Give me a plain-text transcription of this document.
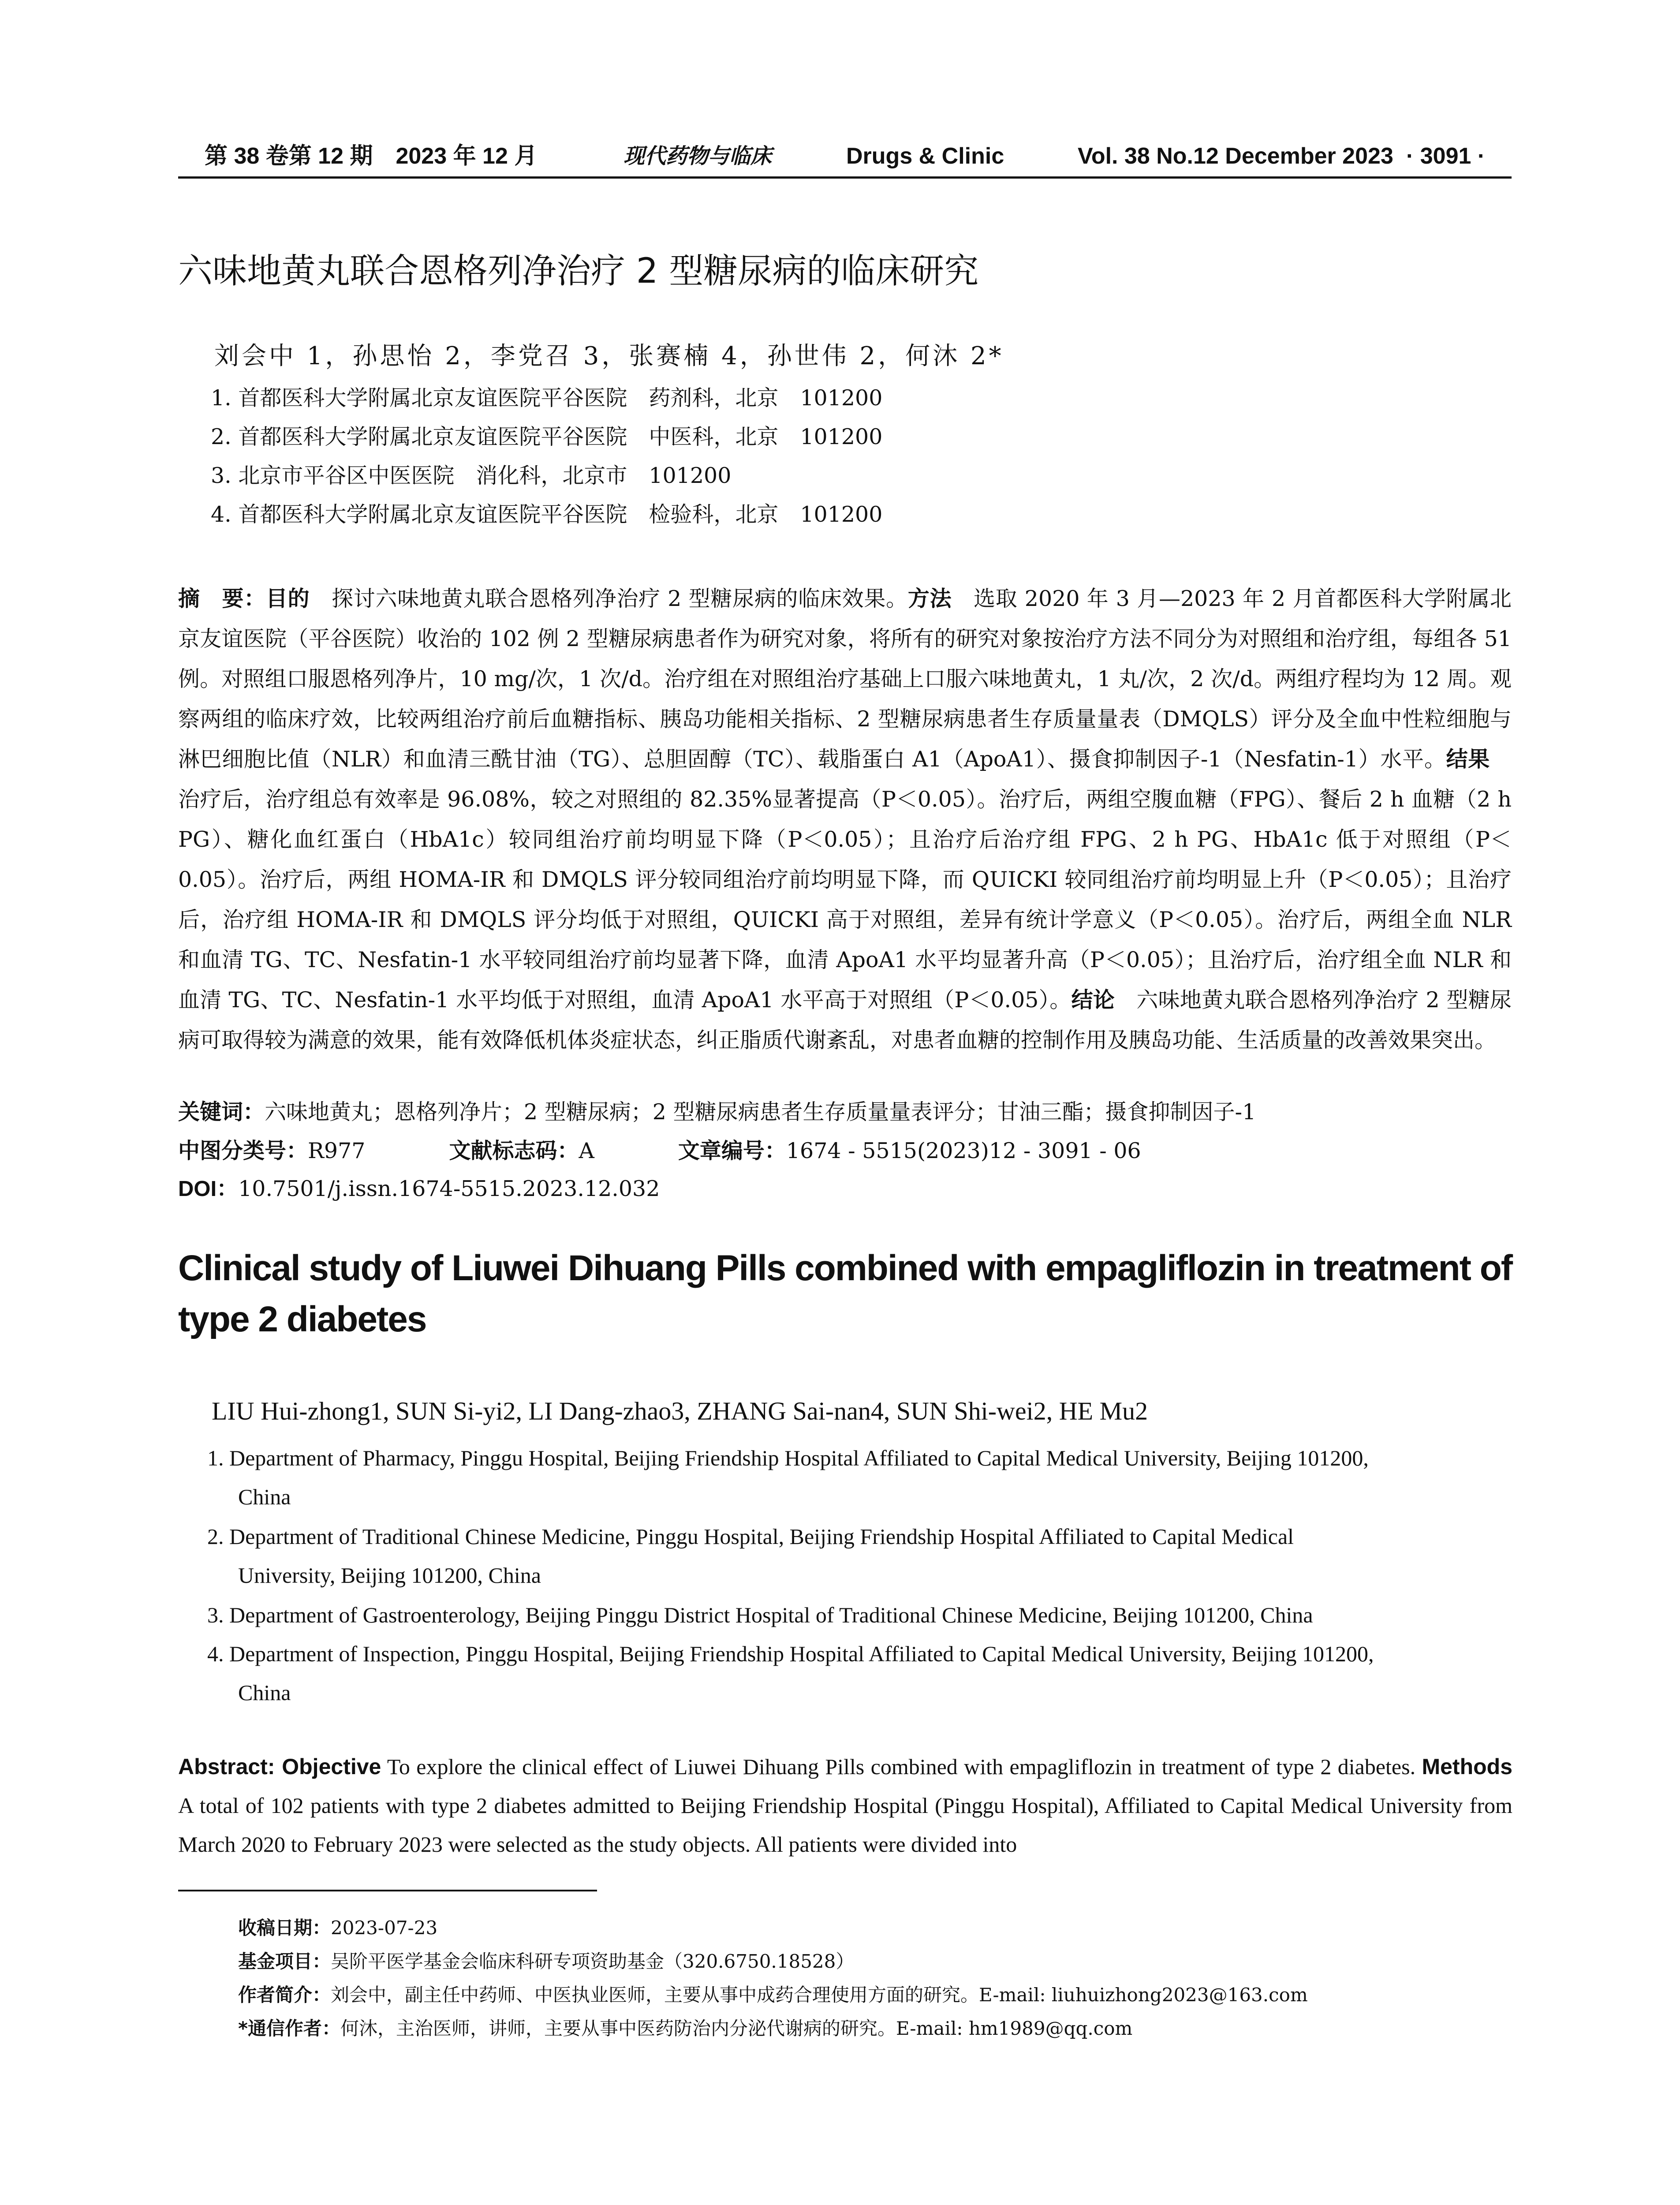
第 38 卷第 12 期　2023 年 12 月	现代药物与临床	Drugs & Clinic	Vol. 38 No.12 December 2023 · 3091 ·
六味地黄丸联合恩格列净治疗 2 型糖尿病的临床研究
刘会中 1，孙思怡 2，李党召 3，张赛楠 4，孙世伟 2，何沐 2*
1. 首都医科大学附属北京友谊医院平谷医院　药剂科，北京　101200
2. 首都医科大学附属北京友谊医院平谷医院　中医科，北京　101200
3. 北京市平谷区中医医院　消化科，北京市　101200
4. 首都医科大学附属北京友谊医院平谷医院　检验科，北京　101200
摘　要：目的　探讨六味地黄丸联合恩格列净治疗 2 型糖尿病的临床效果。方法　选取 2020 年 3 月—2023 年 2 月首都医科大学附属北京友谊医院（平谷医院）收治的 102 例 2 型糖尿病患者作为研究对象，将所有的研究对象按治疗方法不同分为对照组和治疗组，每组各 51 例。对照组口服恩格列净片，10 mg/次，1 次/d。治疗组在对照组治疗基础上口服六味地黄丸，1 丸/次，2 次/d。两组疗程均为 12 周。观察两组的临床疗效，比较两组治疗前后血糖指标、胰岛功能相关指标、2 型糖尿病患者生存质量量表（DMQLS）评分及全血中性粒细胞与淋巴细胞比值（NLR）和血清三酰甘油（TG）、总胆固醇（TC）、载脂蛋白 A1（ApoA1）、摄食抑制因子-1（Nesfatin-1）水平。结果　治疗后，治疗组总有效率是 96.08%，较之对照组的 82.35%显著提高（P＜0.05）。治疗后，两组空腹血糖（FPG）、餐后 2 h 血糖（2 h PG）、糖化血红蛋白（HbA1c）较同组治疗前均明显下降（P＜0.05）；且治疗后治疗组 FPG、2 h PG、HbA1c 低于对照组（P＜0.05）。治疗后，两组 HOMA-IR 和 DMQLS 评分较同组治疗前均明显下降，而 QUICKI 较同组治疗前均明显上升（P＜0.05）；且治疗后，治疗组 HOMA-IR 和 DMQLS 评分均低于对照组，QUICKI 高于对照组，差异有统计学意义（P＜0.05）。治疗后，两组全血 NLR 和血清 TG、TC、Nesfatin-1 水平较同组治疗前均显著下降，血清 ApoA1 水平均显著升高（P＜0.05）；且治疗后，治疗组全血 NLR 和血清 TG、TC、Nesfatin-1 水平均低于对照组，血清 ApoA1 水平高于对照组（P＜0.05）。结论　六味地黄丸联合恩格列净治疗 2 型糖尿病可取得较为满意的效果，能有效降低机体炎症状态，纠正脂质代谢紊乱，对患者血糖的控制作用及胰岛功能、生活质量的改善效果突出。
关键词：六味地黄丸；恩格列净片；2 型糖尿病；2 型糖尿病患者生存质量量表评分；甘油三酯；摄食抑制因子-1
中图分类号：R977	文献标志码：A	文章编号：1674 - 5515(2023)12 - 3091 - 06
DOI：10.7501/j.issn.1674-5515.2023.12.032
Clinical study of Liuwei Dihuang Pills combined with empagliflozin in treatment of type 2 diabetes
LIU Hui-zhong1, SUN Si-yi2, LI Dang-zhao3, ZHANG Sai-nan4, SUN Shi-wei2, HE Mu2
1. Department of Pharmacy, Pinggu Hospital, Beijing Friendship Hospital Affiliated to Capital Medical University, Beijing 101200,
China
2. Department of Traditional Chinese Medicine, Pinggu Hospital, Beijing Friendship Hospital Affiliated to Capital Medical
University, Beijing 101200, China
3. Department of Gastroenterology, Beijing Pinggu District Hospital of Traditional Chinese Medicine, Beijing 101200, China
4. Department of Inspection, Pinggu Hospital, Beijing Friendship Hospital Affiliated to Capital Medical University, Beijing 101200,
China
Abstract: Objective To explore the clinical effect of Liuwei Dihuang Pills combined with empagliflozin in treatment of type 2 diabetes. Methods A total of 102 patients with type 2 diabetes admitted to Beijing Friendship Hospital (Pinggu Hospital), Affiliated to Capital Medical University from March 2020 to February 2023 were selected as the study objects. All patients were divided into
收稿日期：2023-07-23
基金项目：吴阶平医学基金会临床科研专项资助基金（320.6750.18528）
作者简介：刘会中，副主任中药师、中医执业医师，主要从事中成药合理使用方面的研究。E-mail: liuhuizhong2023@163.com
*通信作者：何沐，主治医师，讲师，主要从事中医药防治内分泌代谢病的研究。E-mail: hm1989@qq.com
